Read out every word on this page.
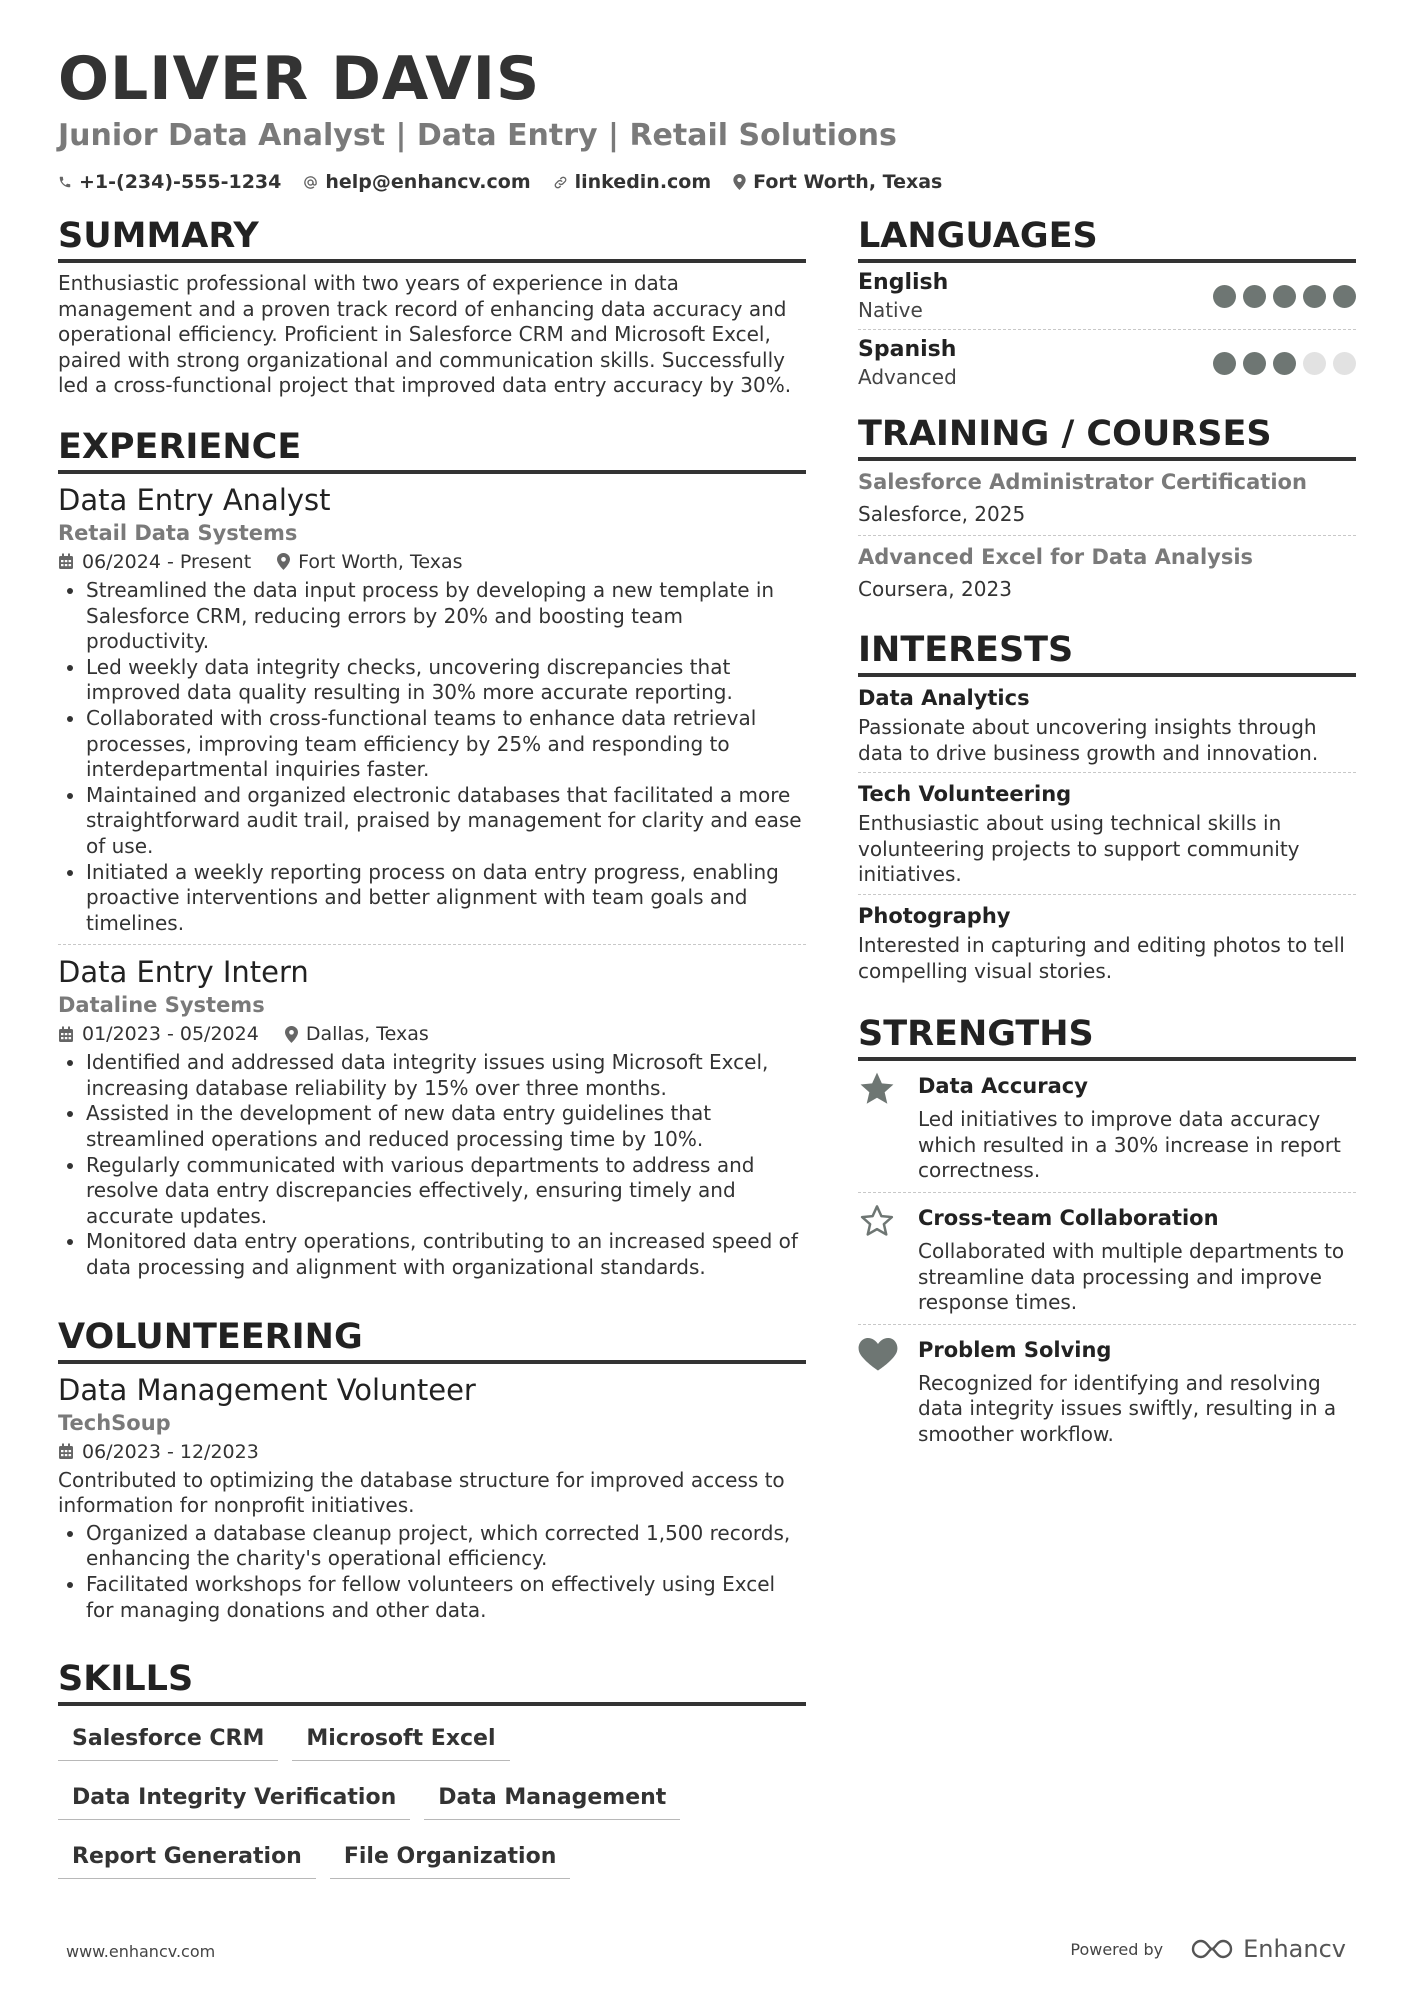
OLIVER DAVIS
Junior Data Analyst | Data Entry | Retail Solutions
+1-(234)-555-1234 help@enhancv.com linkedin.com Fort Worth, Texas
SUMMARY
Enthusiastic professional with two years of experience in data management and a proven track record of enhancing data accuracy and operational efficiency. Proficient in Salesforce CRM and Microsoft Excel, paired with strong organizational and communication skills. Successfully led a cross-functional project that improved data entry accuracy by 30%.
EXPERIENCE
Data Entry Analyst
Retail Data Systems
06/2024 - Present Fort Worth, Texas
• Streamlined the data input process by developing a new template in Salesforce CRM, reducing errors by 20% and boosting team productivity.
• Led weekly data integrity checks, uncovering discrepancies that improved data quality resulting in 30% more accurate reporting.
• Collaborated with cross-functional teams to enhance data retrieval processes, improving team efficiency by 25% and responding to interdepartmental inquiries faster.
• Maintained and organized electronic databases that facilitated a more straightforward audit trail, praised by management for clarity and ease of use.
• Initiated a weekly reporting process on data entry progress, enabling proactive interventions and better alignment with team goals and timelines.
Data Entry Intern
Dataline Systems
01/2023 - 05/2024 Dallas, Texas
• Identified and addressed data integrity issues using Microsoft Excel, increasing database reliability by 15% over three months.
• Assisted in the development of new data entry guidelines that streamlined operations and reduced processing time by 10%.
• Regularly communicated with various departments to address and resolve data entry discrepancies effectively, ensuring timely and accurate updates.
• Monitored data entry operations, contributing to an increased speed of data processing and alignment with organizational standards.
VOLUNTEERING
Data Management Volunteer
TechSoup
06/2023 - 12/2023
Contributed to optimizing the database structure for improved access to information for nonprofit initiatives.
• Organized a database cleanup project, which corrected 1,500 records, enhancing the charity's operational efficiency.
• Facilitated workshops for fellow volunteers on effectively using Excel for managing donations and other data.
SKILLS
Salesforce CRM	Microsoft Excel
Data Integrity Verification	Data Management
Report Generation	File Organization
LANGUAGES
English
Native
Spanish
Advanced
TRAINING / COURSES
Salesforce Administrator Certification
Salesforce, 2025
Advanced Excel for Data Analysis
Coursera, 2023
INTERESTS
Data Analytics
Passionate about uncovering insights through data to drive business growth and innovation.
Tech Volunteering
Enthusiastic about using technical skills in volunteering projects to support community initiatives.
Photography
Interested in capturing and editing photos to tell compelling visual stories.
STRENGTHS
Data Accuracy
Led initiatives to improve data accuracy which resulted in a 30% increase in report correctness.
Cross-team Collaboration
Collaborated with multiple departments to streamline data processing and improve response times.
Problem Solving
Recognized for identifying and resolving data integrity issues swiftly, resulting in a smoother workflow.
www.enhancv.com	Powered by	Enhancv
